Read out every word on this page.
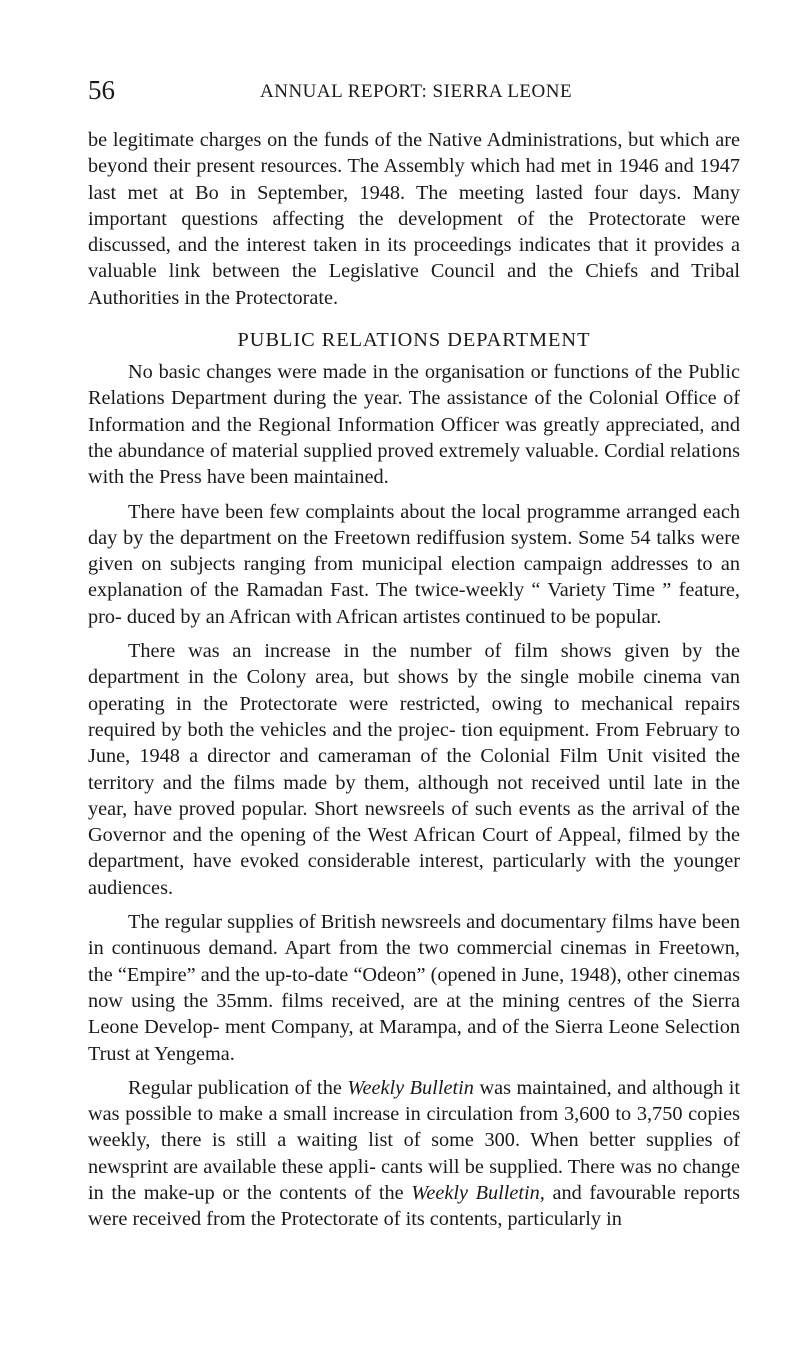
56	ANNUAL REPORT: SIERRA LEONE

be legitimate charges on the funds of the Native Administrations, but which are beyond their present resources. The Assembly which had met in 1946 and 1947 last met at Bo in September, 1948. The meeting lasted four days. Many important questions affecting the development of the Protectorate were discussed, and the interest taken in its proceedings indicates that it provides a valuable link between the Legislative Council and the Chiefs and Tribal Authorities in the Protectorate.

PUBLIC RELATIONS DEPARTMENT

No basic changes were made in the organisation or functions of the Public Relations Department during the year. The assistance of the Colonial Office of Information and the Regional Information Officer was greatly appreciated, and the abundance of material supplied proved extremely valuable. Cordial relations with the Press have been maintained.

There have been few complaints about the local programme arranged each day by the department on the Freetown rediffusion system. Some 54 talks were given on subjects ranging from municipal election campaign addresses to an explanation of the Ramadan Fast. The twice-weekly “ Variety Time ” feature, pro- duced by an African with African artistes continued to be popular.

There was an increase in the number of film shows given by the department in the Colony area, but shows by the single mobile cinema van operating in the Protectorate were restricted, owing to mechanical repairs required by both the vehicles and the projec- tion equipment. From February to June, 1948 a director and cameraman of the Colonial Film Unit visited the territory and the films made by them, although not received until late in the year, have proved popular. Short newsreels of such events as the arrival of the Governor and the opening of the West African Court of Appeal, filmed by the department, have evoked considerable interest, particularly with the younger audiences.

The regular supplies of British newsreels and documentary films have been in continuous demand. Apart from the two commercial cinemas in Freetown, the “Empire” and the up-to-date “Odeon” (opened in June, 1948), other cinemas now using the 35mm. films received, are at the mining centres of the Sierra Leone Develop- ment Company, at Marampa, and of the Sierra Leone Selection Trust at Yengema.

Regular publication of the Weekly Bulletin was maintained, and although it was possible to make a small increase in circulation from 3,600 to 3,750 copies weekly, there is still a waiting list of some 300. When better supplies of newsprint are available these appli- cants will be supplied. There was no change in the make-up or the contents of the Weekly Bulletin, and favourable reports were received from the Protectorate of its contents, particularly in
